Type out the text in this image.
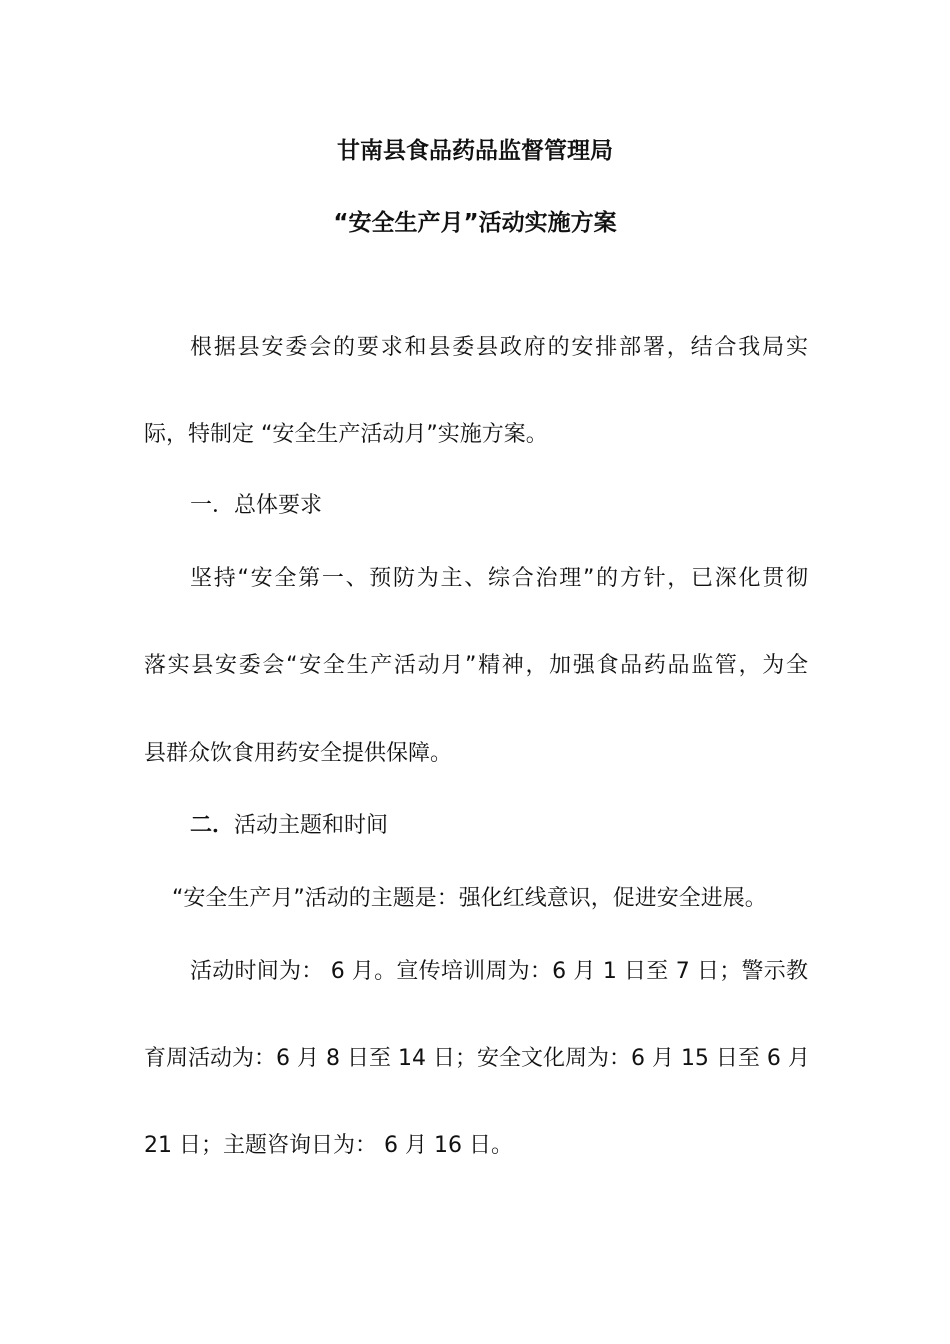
甘南县食品药品监督管理局

“安全生产月”活动实施方案

根据县安委会的要求和县委县政府的安排部署，结合我局实

际，特制定 “安全生产活动月”实施方案。

一．总体要求

坚持“安全第一、预防为主、综合治理”的方针，已深化贯彻

落实县安委会“安全生产活动月”精神，加强食品药品监管，为全

县群众饮食用药安全提供保障。

二．活动主题和时间

“安全生产月”活动的主题是：强化红线意识，促进安全进展。

活动时间为： 6 月。宣传培训周为：6 月 1 日至 7 日；警示教

育周活动为：6 月 8 日至 14 日；安全文化周为：6 月 15 日至 6 月

21 日；主题咨询日为： 6 月 16 日。
